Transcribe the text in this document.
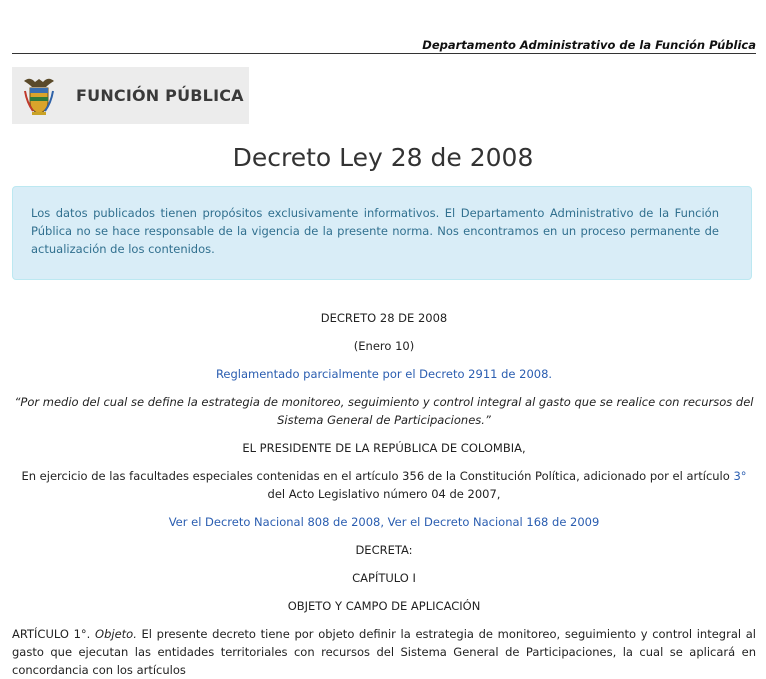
Departamento Administrativo de la Función Pública
FUNCIÓN PÚBLICA
Decreto Ley 28 de 2008

Los datos publicados tienen propósitos exclusivamente informativos. El Departamento Administrativo de la Función Pública no se hace responsable de la vigencia de la presente norma. Nos encontramos en un proceso permanente de actualización de los contenidos.

DECRETO 28 DE 2008

(Enero 10)

Reglamentado parcialmente por el Decreto 2911 de 2008.

“Por medio del cual se define la estrategia de monitoreo, seguimiento y control integral al gasto que se realice con recursos del Sistema General de Participaciones.”

EL PRESIDENTE DE LA REPÚBLICA DE COLOMBIA,

En ejercicio de las facultades especiales contenidas en el artículo 356 de la Constitución Política, adicionado por el artículo 3° del Acto Legislativo número 04 de 2007,

Ver el Decreto Nacional 808 de 2008, Ver el Decreto Nacional 168 de 2009

DECRETA:

CAPÍTULO I

OBJETO Y CAMPO DE APLICACIÓN

ARTÍCULO 1°. Objeto. El presente decreto tiene por objeto definir la estrategia de monitoreo, seguimiento y control integral al gasto que ejecutan las entidades territoriales con recursos del Sistema General de Participaciones, la cual se aplicará en concordancia con los artículos
